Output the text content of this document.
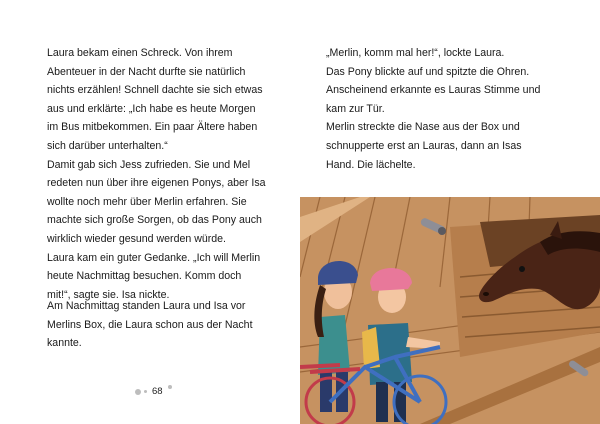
Laura bekam einen Schreck. Von ihrem
Abenteuer in der Nacht durfte sie natürlich
nichts erzählen! Schnell dachte sie sich etwas
aus und erklärte: „Ich habe es heute Morgen
im Bus mitbekommen. Ein paar Ältere haben
sich darüber unterhalten.“
Damit gab sich Jess zufrieden. Sie und Mel
redeten nun über ihre eigenen Ponys, aber Isa
wollte noch mehr über Merlin erfahren. Sie
machte sich große Sorgen, ob das Pony auch
wirklich wieder gesund werden würde.
Laura kam ein guter Gedanke. „Ich will Merlin
heute Nachmittag besuchen. Komm doch
mit!“, sagte sie. Isa nickte.

Am Nachmittag standen Laura und Isa vor
Merlins Box, die Laura schon aus der Nacht
kannte.

68

„Merlin, komm mal her!“, lockte Laura.
Das Pony blickte auf und spitzte die Ohren.
Anscheinend erkannte es Lauras Stimme und
kam zur Tür.
Merlin streckte die Nase aus der Box und
schnupperte erst an Lauras, dann an Isas
Hand. Die lächelte.
